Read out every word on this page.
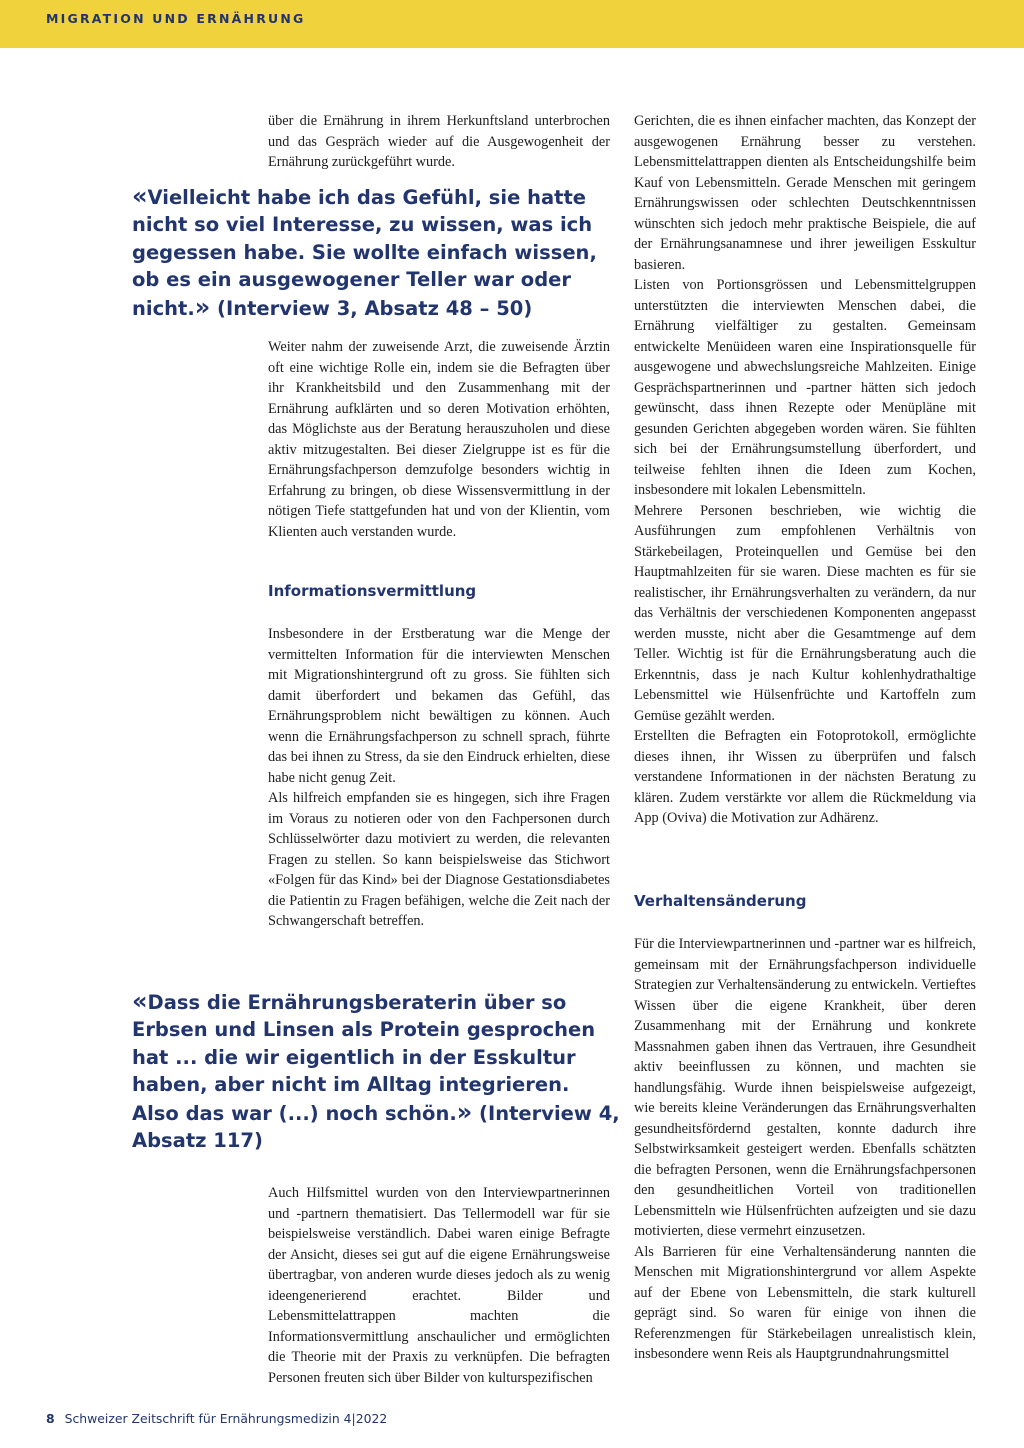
MIGRATION UND ERNÄHRUNG

über die Ernährung in ihrem Herkunftsland unterbrochen und das Gespräch wieder auf die Ausgewogenheit der Ernährung zurückgeführt wurde.

«Vielleicht habe ich das Gefühl, sie hatte
nicht so viel Interesse, zu wissen, was ich
gegessen habe. Sie wollte einfach wissen,
ob es ein ausgewogener Teller war oder
nicht.» (Interview 3, Absatz 48 – 50)

Weiter nahm der zuweisende Arzt, die zuweisende Ärztin oft eine wichtige Rolle ein, indem sie die Befragten über ihr Krankheitsbild und den Zusammenhang mit der Ernährung aufklärten und so deren Motivation erhöhten, das Möglichste aus der Beratung herauszuholen und diese aktiv mitzugestalten. Bei dieser Zielgruppe ist es für die Ernährungsfachperson demzufolge besonders wichtig in Erfahrung zu bringen, ob diese Wissensvermittlung in der nötigen Tiefe stattgefunden hat und von der Klientin, vom Klienten auch verstanden wurde.

Informationsvermittlung

Insbesondere in der Erstberatung war die Menge der vermittelten Information für die interviewten Menschen mit Migrationshintergrund oft zu gross. Sie fühlten sich damit überfordert und bekamen das Gefühl, das Ernährungsproblem nicht bewältigen zu können. Auch wenn die Ernährungsfachperson zu schnell sprach, führte das bei ihnen zu Stress, da sie den Eindruck erhielten, diese habe nicht genug Zeit.

Als hilfreich empfanden sie es hingegen, sich ihre Fragen im Voraus zu notieren oder von den Fachpersonen durch Schlüsselwörter dazu motiviert zu werden, die relevanten Fragen zu stellen. So kann beispielsweise das Stichwort «Folgen für das Kind» bei der Diagnose Gestationsdiabetes die Patientin zu Fragen befähigen, welche die Zeit nach der Schwangerschaft betreffen.

«Dass die Ernährungsberaterin über so
Erbsen und Linsen als Protein gesprochen
hat ... die wir eigentlich in der Esskultur
haben, aber nicht im Alltag integrieren.
Also das war (...) noch schön.» (Interview 4,
Absatz 117)

Auch Hilfsmittel wurden von den Interviewpartnerinnen und -partnern thematisiert. Das Tellermodell war für sie beispielsweise verständlich. Dabei waren einige Befragte der Ansicht, dieses sei gut auf die eigene Ernährungsweise übertragbar, von anderen wurde dieses jedoch als zu wenig ideengenerierend erachtet. Bilder und Lebensmittelattrappen machten die Informationsvermittlung anschaulicher und ermöglichten die Theorie mit der Praxis zu verknüpfen. Die befragten Personen freuten sich über Bilder von kulturspezifischen

Gerichten, die es ihnen einfacher machten, das Konzept der ausgewogenen Ernährung besser zu verstehen. Lebensmittelattrappen dienten als Entscheidungshilfe beim Kauf von Lebensmitteln. Gerade Menschen mit geringem Ernährungswissen oder schlechten Deutschkenntnissen wünschten sich jedoch mehr praktische Beispiele, die auf der Ernährungsanamnese und ihrer jeweiligen Esskultur basieren.

Listen von Portionsgrössen und Lebensmittelgruppen unterstützten die interviewten Menschen dabei, die Ernährung vielfältiger zu gestalten. Gemeinsam entwickelte Menüideen waren eine Inspirationsquelle für ausgewogene und abwechslungsreiche Mahlzeiten. Einige Gesprächspartnerinnen und -partner hätten sich jedoch gewünscht, dass ihnen Rezepte oder Menüpläne mit gesunden Gerichten abgegeben worden wären. Sie fühlten sich bei der Ernährungsumstellung überfordert, und teilweise fehlten ihnen die Ideen zum Kochen, insbesondere mit lokalen Lebensmitteln.

Mehrere Personen beschrieben, wie wichtig die Ausführungen zum empfohlenen Verhältnis von Stärkebeilagen, Proteinquellen und Gemüse bei den Hauptmahlzeiten für sie waren. Diese machten es für sie realistischer, ihr Ernährungsverhalten zu verändern, da nur das Verhältnis der verschiedenen Komponenten angepasst werden musste, nicht aber die Gesamtmenge auf dem Teller. Wichtig ist für die Ernährungsberatung auch die Erkenntnis, dass je nach Kultur kohlenhydrathaltige Lebensmittel wie Hülsenfrüchte und Kartoffeln zum Gemüse gezählt werden.

Erstellten die Befragten ein Fotoprotokoll, ermöglichte dieses ihnen, ihr Wissen zu überprüfen und falsch verstandene Informationen in der nächsten Beratung zu klären. Zudem verstärkte vor allem die Rückmeldung via App (Oviva) die Motivation zur Adhärenz.

Verhaltensänderung

Für die Interviewpartnerinnen und -partner war es hilfreich, gemeinsam mit der Ernährungsfachperson individuelle Strategien zur Verhaltensänderung zu entwickeln. Vertieftes Wissen über die eigene Krankheit, über deren Zusammenhang mit der Ernährung und konkrete Massnahmen gaben ihnen das Vertrauen, ihre Gesundheit aktiv beeinflussen zu können, und machten sie handlungsfähig. Wurde ihnen beispielsweise aufgezeigt, wie bereits kleine Veränderungen das Ernährungsverhalten gesundheitsfördernd gestalten, konnte dadurch ihre Selbstwirksamkeit gesteigert werden. Ebenfalls schätzten die befragten Personen, wenn die Ernährungsfachpersonen den gesundheitlichen Vorteil von traditionellen Lebensmitteln wie Hülsenfrüchten aufzeigten und sie dazu motivierten, diese vermehrt einzusetzen.

Als Barrieren für eine Verhaltensänderung nannten die Menschen mit Migrationshintergrund vor allem Aspekte auf der Ebene von Lebensmitteln, die stark kulturell geprägt sind. So waren für einige von ihnen die Referenzmengen für Stärkebeilagen unrealistisch klein, insbesondere wenn Reis als Hauptgrundnahrungsmittel

8 Schweizer Zeitschrift für Ernährungsmedizin 4|2022
